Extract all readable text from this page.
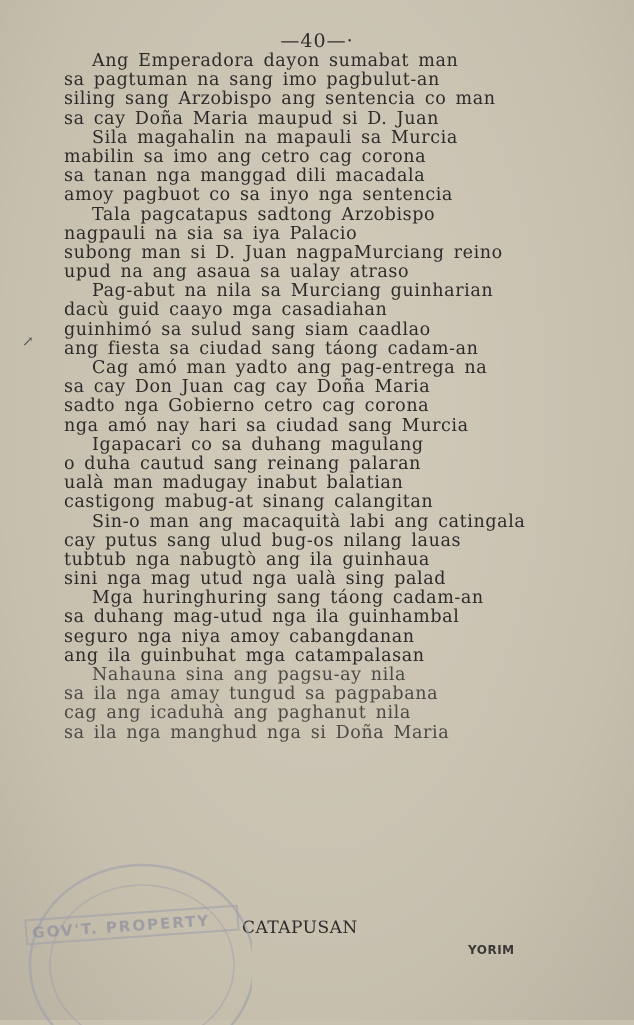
—40—·
Ang Emperadora dayon sumabat man
sa pagtuman na sang imo pagbulut-an
siling sang Arzobispo ang sentencia co man
sa cay Doña Maria maupud si D. Juan
Sila magahalin na mapauli sa Murcia
mabilin sa imo ang cetro cag corona
sa tanan nga manggad dili macadala
amoy pagbuot co sa inyo nga sentencia
Tala pagcatapus sadtong Arzobispo
nagpauli na sia sa iya Palacio
subong man si D. Juan nagpaMurciang reino
upud na ang asaua sa ualay atraso
Pag-abut na nila sa Murciang guinharian
dacù guid caayo mga casadiahan
guinhimó sa sulud sang siam caadlao
ang fiesta sa ciudad sang táong cadam-an
Cag amó man yadto ang pag-entrega na
sa cay Don Juan cag cay Doña Maria
sadto nga Gobierno cetro cag corona
nga amó nay hari sa ciudad sang Murcia
Igapacari co sa duhang magulang
o duha cautud sang reinang palaran
ualà man madugay inabut balatian
castigong mabug-at sinang calangitan
Sin-o man ang macaquità labi ang catingala
cay putus sang ulud bug-os nilang lauas
tubtub nga nabugtò ang ila guinhaua
sini nga mag utud nga ualà sing palad
Mga huringhuring sang táong cadam-an
sa duhang mag-utud nga ila guinhambal
seguro nga niya amoy cabangdanan
ang ila guinbuhat mga catampalasan
Nahauna sina ang pagsu-ay nila
sa ila nga amay tungud sa pagpabana
cag ang icaduhà ang paghanut nila
sa ila nga manghud nga si Doña Maria
↗
CATAPUSAN
YORIM
GOV'T. PROPERTY
